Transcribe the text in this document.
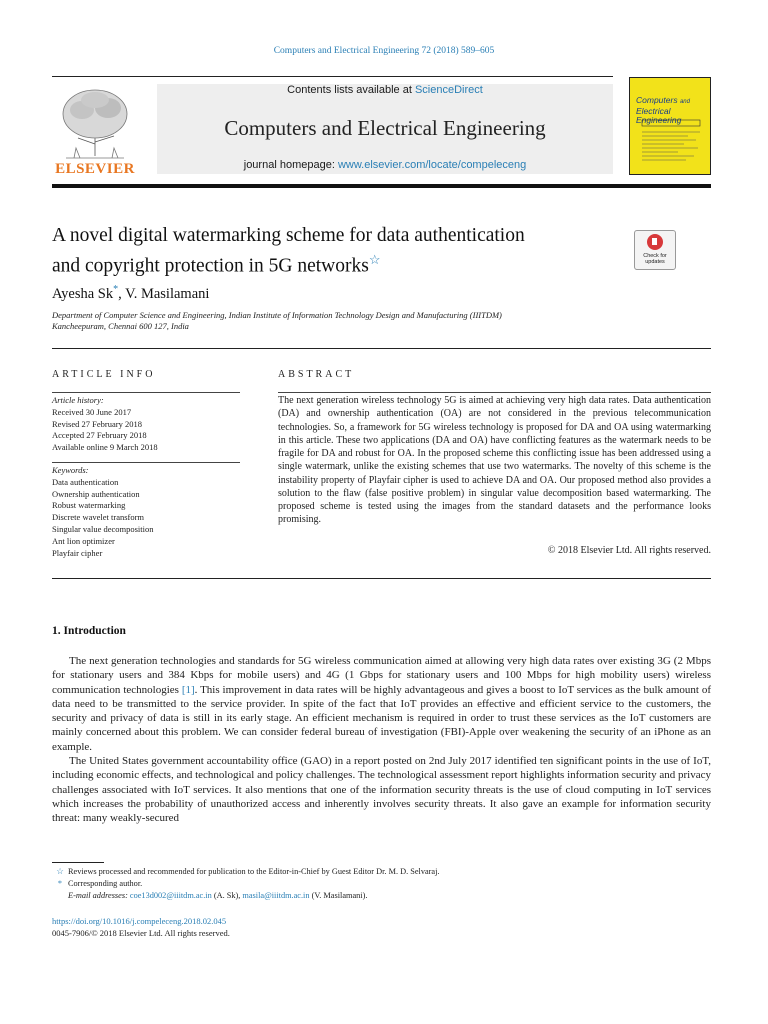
Computers and Electrical Engineering 72 (2018) 589–605
ELSEVIER
Contents lists available at ScienceDirect
Computers and Electrical Engineering
journal homepage: www.elsevier.com/locate/compeleceng
Computers and
Electrical Engineering
A novel digital watermarking scheme for data authentication
and copyright protection in 5G networks☆	Check for
updates
Ayesha Sk*, V. Masilamani
Department of Computer Science and Engineering, Indian Institute of Information Technology Design and Manufacturing (IIITDM)
Kancheepuram, Chennai 600 127, India
ARTICLE INFO	ABSTRACT
Article history:
Received 30 June 2017
Revised 27 February 2018
Accepted 27 February 2018
Available online 9 March 2018
Keywords:
Data authentication
Ownership authentication
Robust watermarking
Discrete wavelet transform
Singular value decomposition
Ant lion optimizer
Playfair cipher
The next generation wireless technology 5G is aimed at achieving very high data rates. Data authentication (DA) and ownership authentication (OA) are not considered in the previous telecommunication technologies. So, a framework for 5G wireless technology is proposed for DA and OA using watermarking in this article. These two applications (DA and OA) have conflicting features as the watermark needs to be fragile for DA and robust for OA. In the proposed scheme this conflicting issue has been addressed using a single watermark, unlike the existing schemes that use two watermarks. The novelty of this scheme is the instability property of Playfair cipher is used to achieve DA and OA. Our proposed method also provides a solution to the flaw (false positive problem) in singular value decomposition based watermarking. The proposed scheme is tested using the images from the standard datasets and the performance looks promising.
© 2018 Elsevier Ltd. All rights reserved.
1. Introduction

The next generation technologies and standards for 5G wireless communication aimed at allowing very high data rates over existing 3G (2 Mbps for stationary users and 384 Kbps for mobile users) and 4G (1 Gbps for stationary users and 100 Mbps for high mobility users) wireless communication technologies [1]. This improvement in data rates will be highly advantageous and gives a boost to IoT services as the bulk amount of data need to be transmitted to the service provider. In spite of the fact that IoT provides an effective and efficient service to the customers, the security and privacy of data is still in its early stage. An efficient mechanism is required in order to trust these services as the IoT customers are mainly concerned about this problem. We can consider federal bureau of investigation (FBI)-Apple over weakening the security of an iPhone as an example.

The United States government accountability office (GAO) in a report posted on 2nd July 2017 identified ten significant points in the use of IoT, including economic effects, and technological and policy challenges. The technological assessment report highlights information security and privacy challenges associated with IoT services. It also mentions that one of the information security threats is the use of cloud computing in IoT services which increases the probability of unauthorized access and inherently involves security threats. It also gave an example for information security threat: many weakly-secured

☆ Reviews processed and recommended for publication to the Editor-in-Chief by Guest Editor Dr. M. D. Selvaraj.
* Corresponding author.
E-mail addresses: coe13d002@iiitdm.ac.in (A. Sk), masila@iiitdm.ac.in (V. Masilamani).
https://doi.org/10.1016/j.compeleceng.2018.02.045
0045-7906/© 2018 Elsevier Ltd. All rights reserved.
